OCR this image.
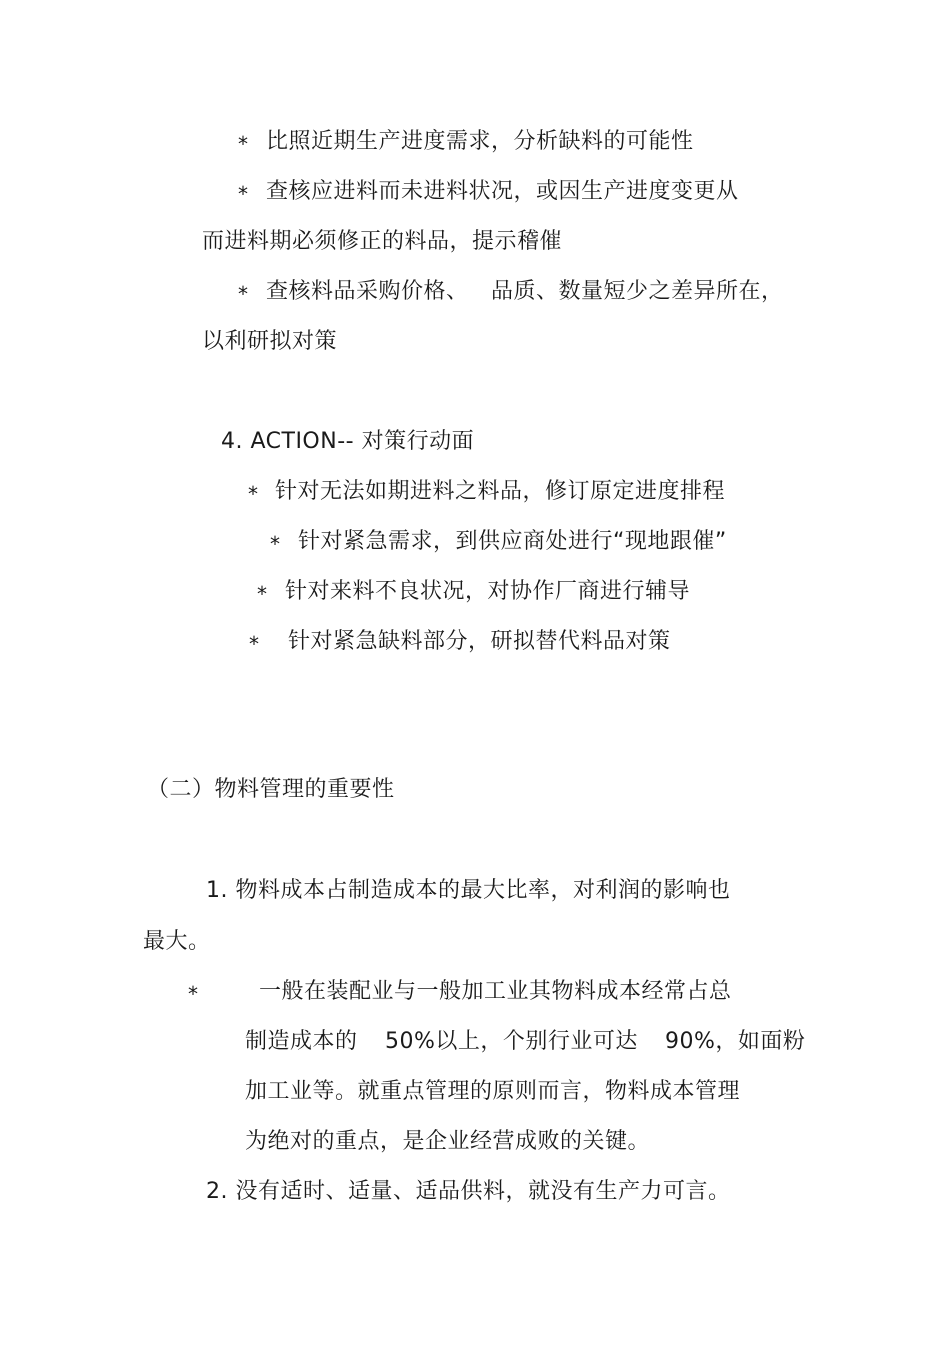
* 比照近期生产进度需求，分析缺料的可能性
* 查核应进料而未进料状况，或因生产进度变更从
而进料期必须修正的料品，提示稽催
* 查核料品采购价格、 品质、数量短少之差异所在，
以利研拟对策
4. ACTION-- 对策行动面
* 针对无法如期进料之料品，修订原定进度排程
* 针对紧急需求，到供应商处进行“现地跟催”
* 针对来料不良状况，对协作厂商进行辅导
* 针对紧急缺料部分，研拟替代料品对策
（二）物料管理的重要性
1. 物料成本占制造成本的最大比率，对利润的影响也
最大。
*	一般在装配业与一般加工业其物料成本经常占总
制造成本的 50%以上，个别行业可达 90%，如面粉
加工业等。就重点管理的原则而言，物料成本管理
为绝对的重点，是企业经营成败的关键。
2. 没有适时、适量、适品供料，就没有生产力可言。
